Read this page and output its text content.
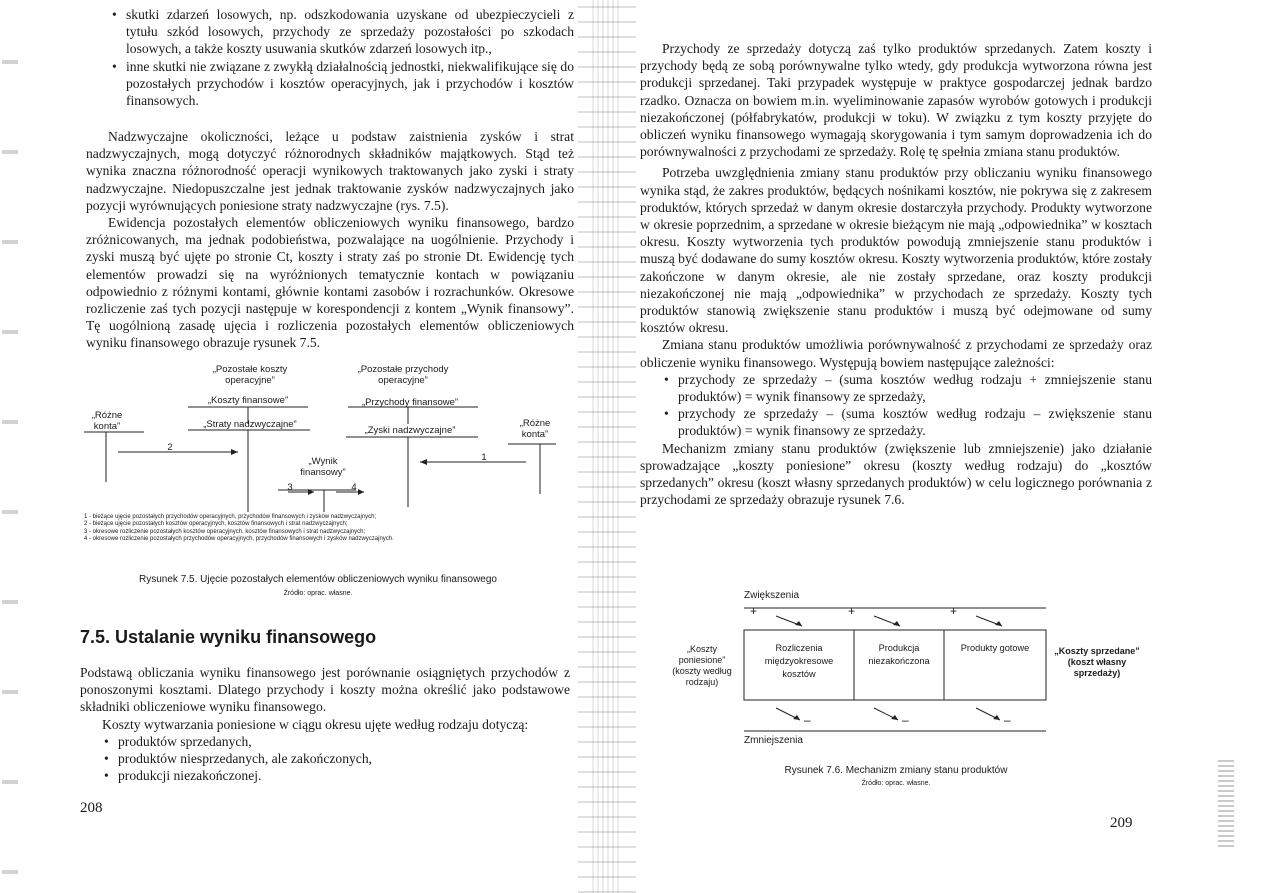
• skutki zdarzeń losowych, np. odszkodowania uzyskane od ubezpieczycieli z tytułu szkód losowych, przychody ze sprzedaży pozostałości po szkodach losowych, a także koszty usuwania skutków zdarzeń losowych itp.,
• inne skutki nie związane z zwykłą działalnością jednostki, niekwalifikujące się do pozostałych przychodów i kosztów operacyjnych, jak i przychodów i kosztów finansowych.

Nadzwyczajne okoliczności, leżące u podstaw zaistnienia zysków i strat nadzwyczajnych, mogą dotyczyć różnorodnych składników majątkowych. Stąd też wynika znaczna różnorodność operacji wynikowych traktowanych jako zyski i straty nadzwyczajne. Niedopuszczalne jest jednak traktowanie zysków nadzwyczajnych jako pozycji wyrównujących poniesione straty nadzwyczajne (rys. 7.5).

Ewidencja pozostałych elementów obliczeniowych wyniku finansowego, bardzo zróżnicowanych, ma jednak podobieństwa, pozwalające na uogólnienie. Przychody i zyski muszą być ujęte po stronie Ct, koszty i straty zaś po stronie Dt. Ewidencję tych elementów prowadzi się na wyróżnionych tematycznie kontach w powiązaniu odpowiednio z różnymi kontami, głównie kontami zasobów i rozrachunków. Okresowe rozliczenie zaś tych pozycji następuje w korespondencji z kontem „Wynik finansowy”. Tę uogólnioną zasadę ujęcia i rozliczenia pozostałych elementów obliczeniowych wyniku finansowego obrazuje rysunek 7.5.

„Pozostałe koszty operacyjne”
„Pozostałe przychody operacyjne”
„Koszty finansowe”	„Przychody finansowe”
„Straty nadzwyczajne”
„Zyski nadzwyczajne”
„Różne konta”	„Różne konta”
„Wynik finansowy”
2
1
3	4
1 - bieżące ujęcie pozostałych przychodów operacyjnych, przychodów finansowych i zysków nadzwyczajnych;
2 - bieżące ujęcie pozostałych kosztów operacyjnych, kosztów finansowych i strat nadzwyczajnych;
3 - okresowe rozliczenie pozostałych kosztów operacyjnych, kosztów finansowych i strat nadzwyczajnych;
4 - okresowe rozliczenie pozostałych przychodów operacyjnych, przychodów finansowych i zysków nadzwyczajnych.
Rysunek 7.5. Ujęcie pozostałych elementów obliczeniowych wyniku finansowego
Źródło: oprac. własne.
7.5. Ustalanie wyniku finansowego

Podstawą obliczania wyniku finansowego jest porównanie osiągniętych przychodów z ponoszonymi kosztami. Dlatego przychody i koszty można określić jako podstawowe składniki obliczeniowe wyniku finansowego.

Koszty wytwarzania poniesione w ciągu okresu ujęte według rodzaju dotyczą:

• produktów sprzedanych,
• produktów niesprzedanych, ale zakończonych,
• produkcji niezakończonej.
208

Przychody ze sprzedaży dotyczą zaś tylko produktów sprzedanych. Zatem koszty i przychody będą ze sobą porównywalne tylko wtedy, gdy produkcja wytworzona równa jest produkcji sprzedanej. Taki przypadek występuje w praktyce gospodarczej jednak bardzo rzadko. Oznacza on bowiem m.in. wyeliminowanie zapasów wyrobów gotowych i produkcji niezakończonej (półfabrykatów, produkcji w toku). W związku z tym koszty przyjęte do obliczeń wyniku finansowego wymagają skorygowania i tym samym doprowadzenia ich do porównywalności z przychodami ze sprzedaży. Rolę tę spełnia zmiana stanu produktów.

Potrzeba uwzględnienia zmiany stanu produktów przy obliczaniu wyniku finansowego wynika stąd, że zakres produktów, będących nośnikami kosztów, nie pokrywa się z zakresem produktów, których sprzedaż w danym okresie dostarczyła przychody. Produkty wytworzone w okresie poprzednim, a sprzedane w okresie bieżącym nie mają „odpowiednika” w kosztach okresu. Koszty wytworzenia tych produktów powodują zmniejszenie stanu produktów i muszą być dodawane do sumy kosztów okresu. Koszty wytworzenia produktów, które zostały zakończone w danym okresie, ale nie zostały sprzedane, oraz koszty produkcji niezakończonej nie mają „odpowiednika” w przychodach ze sprzedaży. Koszty tych produktów stanowią zwiększenie stanu produktów i muszą być odejmowane od sumy kosztów okresu.

Zmiana stanu produktów umożliwia porównywalność z przychodami ze sprzedaży oraz obliczenie wyniku finansowego. Występują bowiem następujące zależności:

• przychody ze sprzedaży – (suma kosztów według rodzaju + zmniejszenie stanu produktów) = wynik finansowy ze sprzedaży,
• przychody ze sprzedaży – (suma kosztów według rodzaju – zwiększenie stanu produktów) = wynik finansowy ze sprzedaży.

Mechanizm zmiany stanu produktów (zwiększenie lub zmniejszenie) jako działanie sprowadzające „koszty poniesione” okresu (koszty według rodzaju) do „kosztów sprzedanych” okresu (koszt własny sprzedanych produktów) w celu logicznego porównania z przychodami ze sprzedaży obrazuje rysunek 7.6.

Zwiększenia
+	+	+
–	–	–
Rozliczenia międzyokresowe kosztów
Produkcja niezakończona
Produkty gotowe
„Koszty poniesione” (koszty według rodzaju)
„Koszty sprzedane” (koszt własny sprzedaży)
Zmniejszenia
Rysunek 7.6. Mechanizm zmiany stanu produktów
Źródło: oprac. własne.
209
